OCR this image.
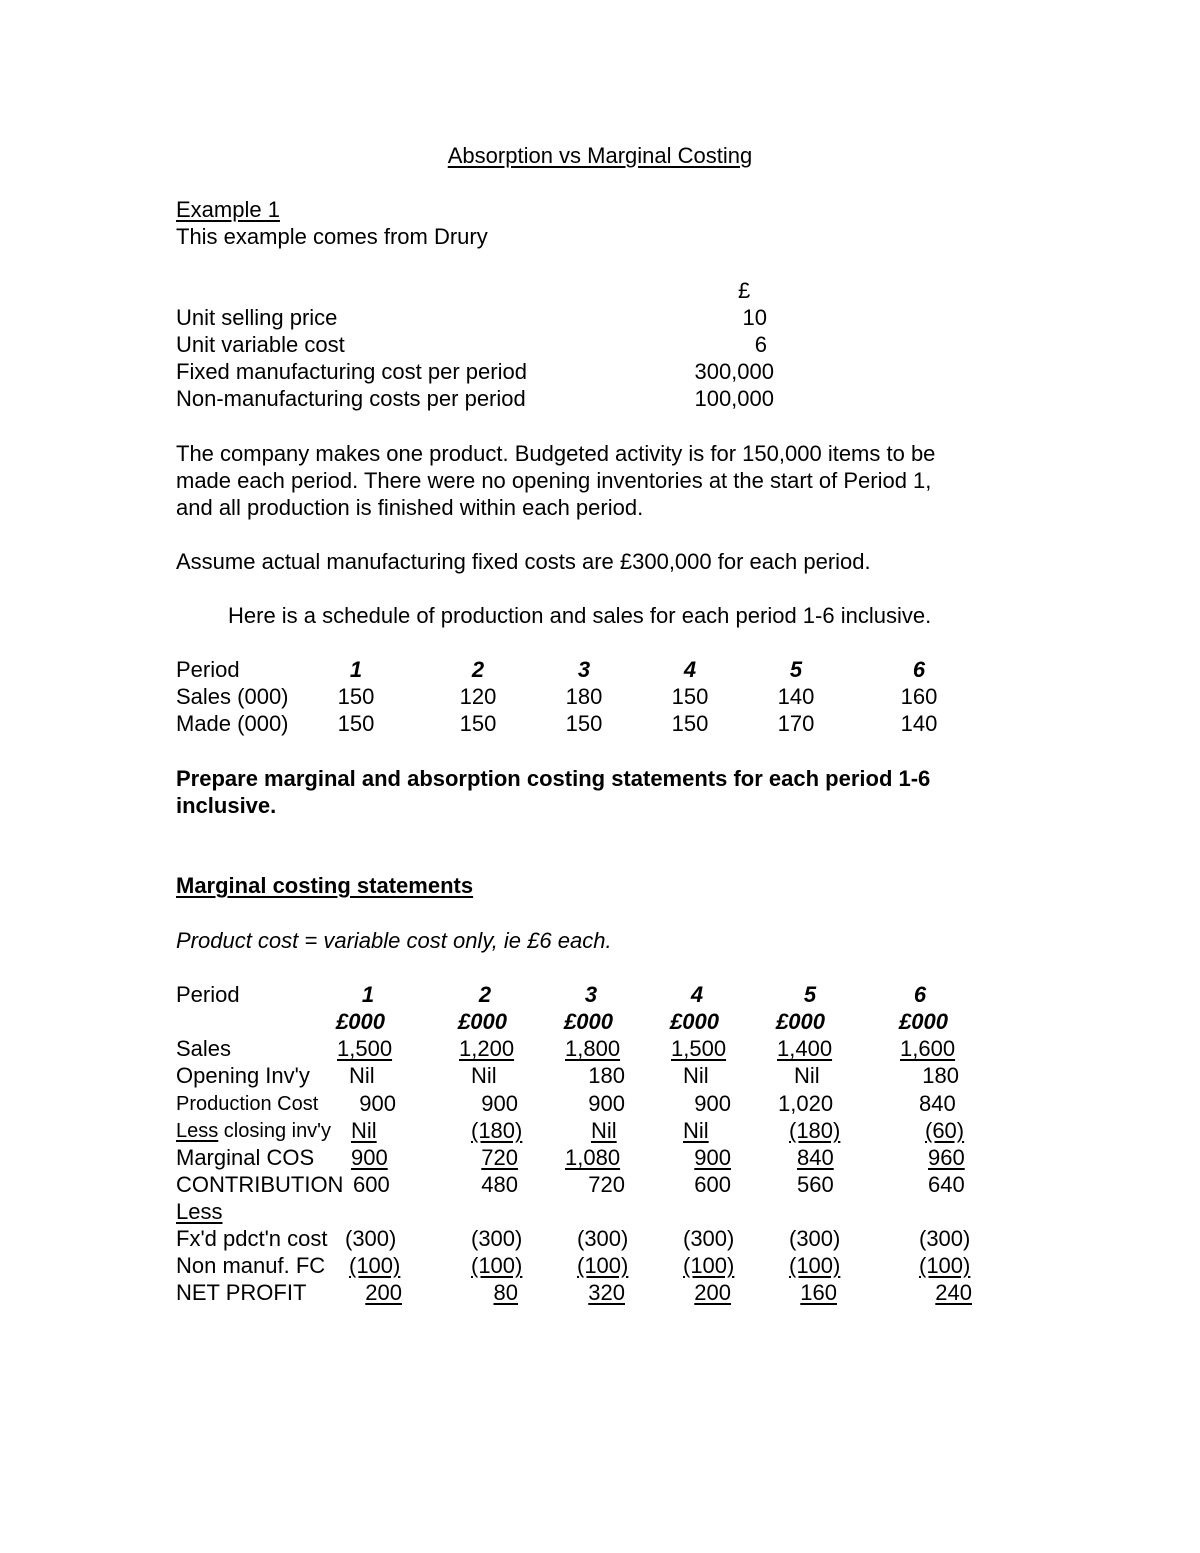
Absorption vs Marginal Costing
Example 1
This example comes from Drury
£
Unit selling price	10
Unit variable cost	6
Fixed manufacturing cost per period	300,000
Non-manufacturing costs per period	100,000
The company makes one product. Budgeted activity is for 150,000 items to be
made each period. There were no opening inventories at the start of Period 1,
and all production is finished within each period.
Assume actual manufacturing fixed costs are £300,000 for each period.
Here is a schedule of production and sales for each period 1-6 inclusive.
Period	1	2	3	4	5	6
Sales (000)	150	120	180	150	140	160
Made (000)	150	150	150	150	170	140
Prepare marginal and absorption costing statements for each period 1-6
inclusive.
Marginal costing statements
Product cost = variable cost only, ie £6 each.
Period	1	2	3	4	5	6
£000	£000	£000	£000	£000	£000
Sales	1,500	1,200 1,800 1,500 1,400	1,600
Opening Inv'y Nil	Nil	180	Nil	Nil	180
Production Cost	900	900	900	900 1,020	840
Less closing inv'y Nil	(180)	Nil	Nil	(180)	(60)
Marginal COS 900	720 1,080	900	840	960
CONTRIBUTION 600	480	720	600	560	640
Less
Fx'd pdct'n cost (300)	(300) (300) (300) (300)	(300)
Non manuf. FC (100)	(100) (100) (100) (100)	(100)
NET PROFIT	200	80	320	200	160	240
